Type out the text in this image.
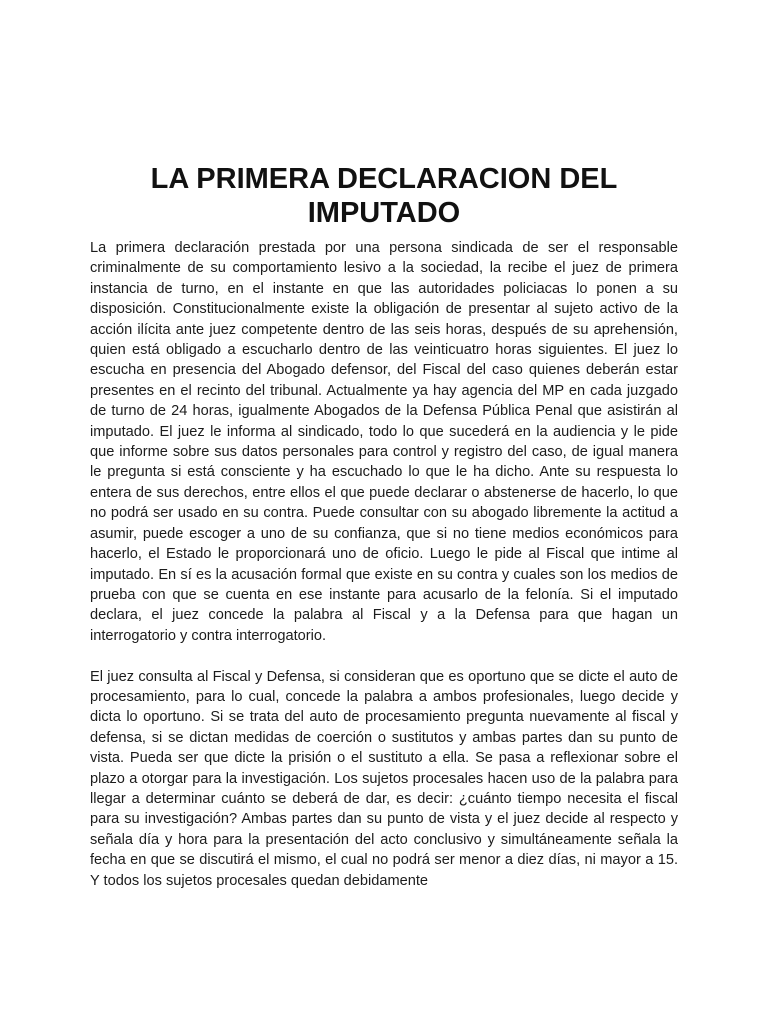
LA PRIMERA DECLARACION DEL
IMPUTADO

La primera declaración prestada por una persona sindicada de ser el responsable criminalmente de su comportamiento lesivo a la sociedad, la recibe el juez de primera instancia de turno, en el instante en que las autoridades policiacas lo ponen a su disposición. Constitucionalmente existe la obligación de presentar al sujeto activo de la acción ilícita ante juez competente dentro de las seis horas, después de su aprehensión, quien está obligado a escucharlo dentro de las veinticuatro horas siguientes. El juez lo escucha en presencia del Abogado defensor, del Fiscal del caso quienes deberán estar presentes en el recinto del tribunal. Actualmente ya hay agencia del MP en cada juzgado de turno de 24 horas, igualmente Abogados de la Defensa Pública Penal que asistirán al imputado. El juez le informa al sindicado, todo lo que sucederá en la audiencia y le pide que informe sobre sus datos personales para control y registro del caso, de igual manera le pregunta si está consciente y ha escuchado lo que le ha dicho. Ante su respuesta lo entera de sus derechos, entre ellos el que puede declarar o abstenerse de hacerlo, lo que no podrá ser usado en su contra. Puede consultar con su abogado libremente la actitud a asumir, puede escoger a uno de su confianza, que si no tiene medios económicos para hacerlo, el Estado le proporcionará uno de oficio. Luego le pide al Fiscal que intime al imputado. En sí es la acusación formal que existe en su contra y cuales son los medios de prueba con que se cuenta en ese instante para acusarlo de la felonía. Si el imputado declara, el juez concede la palabra al Fiscal y a la Defensa para que hagan un interrogatorio y contra interrogatorio.

El juez consulta al Fiscal y Defensa, si consideran que es oportuno que se dicte el auto de procesamiento, para lo cual, concede la palabra a ambos profesionales, luego decide y dicta lo oportuno. Si se trata del auto de procesamiento pregunta nuevamente al fiscal y defensa, si se dictan medidas de coerción o sustitutos y ambas partes dan su punto de vista. Pueda ser que dicte la prisión o el sustituto a ella. Se pasa a reflexionar sobre el plazo a otorgar para la investigación. Los sujetos procesales hacen uso de la palabra para llegar a determinar cuánto se deberá de dar, es decir: ¿cuánto tiempo necesita el fiscal para su investigación? Ambas partes dan su punto de vista y el juez decide al respecto y señala día y hora para la presentación del acto conclusivo y simultáneamente señala la fecha en que se discutirá el mismo, el cual no podrá ser menor a diez días, ni mayor a 15. Y todos los sujetos procesales quedan debidamente
